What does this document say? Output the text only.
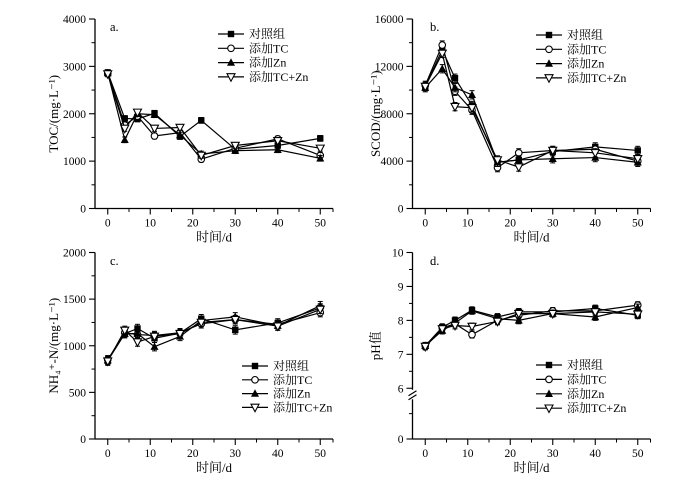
0
1000
2000
3000
4000
0	10	20	30	40	50
a.
TOC/(mg·L⁻¹)
时间/d
对照组
添加TC
添加Zn
添加TC+Zn
0
4000
8000
12000
16000
0	10	20	30	40	50
b.
SCOD/(mg·L⁻¹)
时间/d
对照组
添加TC
添加Zn
添加TC+Zn
0
500
1000
1500
2000
0	10	20	30	40	50
c.
NH₄⁺-N/(mg·L⁻¹)
时间/d
对照组
添加TC
添加Zn
添加TC+Zn
0
6
7
8
9
10
0	10	20	30	40	50
d.
pH值
时间/d
对照组
添加TC
添加Zn
添加TC+Zn
